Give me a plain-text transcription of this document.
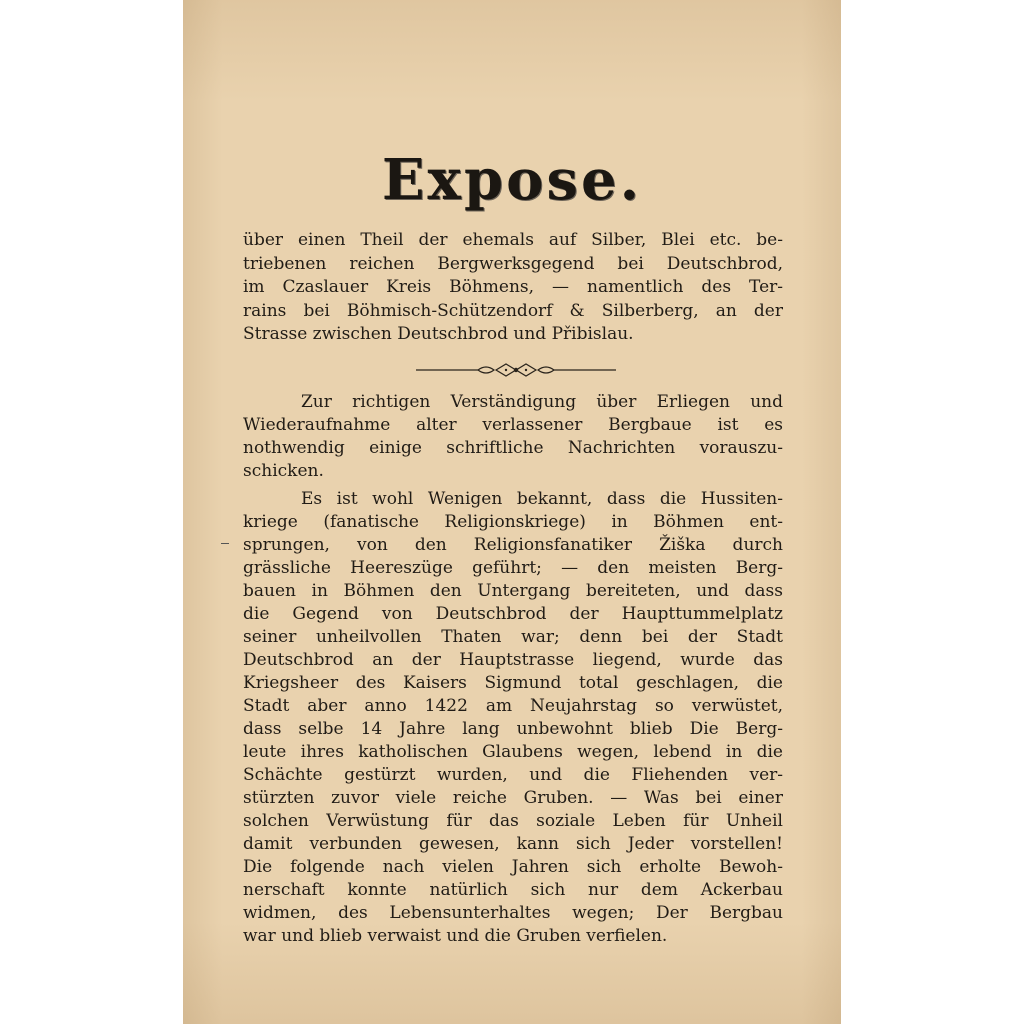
Expose.
über einen Theil der ehemals auf Silber, Blei etc. be-
triebenen reichen Bergwerksgegend bei Deutschbrod,
im Czaslauer Kreis Böhmens, — namentlich des Ter-
rains bei Böhmisch-Schützendorf & Silberberg, an der
Strasse zwischen Deutschbrod und Přibislau.
Zur richtigen Verständigung über Erliegen und
Wiederaufnahme alter verlassener Bergbaue ist es
nothwendig einige schriftliche Nachrichten vorauszu-
schicken.
Es ist wohl Wenigen bekannt, dass die Hussiten-
kriege (fanatische Religionskriege) in Böhmen ent-
sprungen, von den Religionsfanatiker Žiška durch
grässliche Heereszüge geführt; — den meisten Berg-
bauen in Böhmen den Untergang bereiteten, und dass
die Gegend von Deutschbrod der Haupttummelplatz
seiner unheilvollen Thaten war; denn bei der Stadt
Deutschbrod an der Hauptstrasse liegend, wurde das
Kriegsheer des Kaisers Sigmund total geschlagen, die
Stadt aber anno 1422 am Neujahrstag so verwüstet,
dass selbe 14 Jahre lang unbewohnt blieb Die Berg-
leute ihres katholischen Glaubens wegen, lebend in die
Schächte gestürzt wurden, und die Fliehenden ver-
stürzten zuvor viele reiche Gruben. — Was bei einer
solchen Verwüstung für das soziale Leben für Unheil
damit verbunden gewesen, kann sich Jeder vorstellen!
Die folgende nach vielen Jahren sich erholte Bewoh-
nerschaft konnte natürlich sich nur dem Ackerbau
widmen, des Lebensunterhaltes wegen; Der Bergbau
war und blieb verwaist und die Gruben verfielen.
